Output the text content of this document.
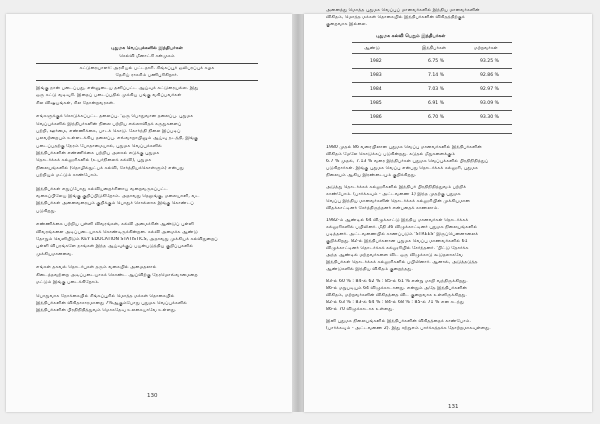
புதுமக வெப்புக்களில் இந்திபர்கள்
செல்வி மீனாட்சி சன்முகம்
கட்டுரையாளர்: அரசியல் பட்டதாரி. சிங்கப்பூர் ஒலிபரப்புக் கழக
தேசிய் ராகசிம் பணிபுரிகிறார்.
இங்கு நான் படைப்பது, என்னுடைய தனிப்பட்ட ஆய்வுக் கட்டுரையல்ல. இது
ஒரு கட்டு வடிவுரி. இதைப் படைப்பதில் முக்கிய பங்கு வகிப்பவர்கள்
சில விஷயங்கள், சில தோன்றவரகள்.
எங்களுக்குக் கொடுக்கப்பட்ட தலைப்பு. 'ஒரு பொதுவான தலைப்பு. புதுமக
வெப்புக்களில் இந்திபர்களின் நிலை பற்றிய எல்லாவிதக் கருதுகளைப்
பற்றி, ஊர்மை, எண்ணிக்கை, பாடக் கொடு. கோர்ந்தி நிலை இப்படிப்
பலவற்றைபும் உள்ளடக்கிய தலைப்பு. எவ்வாறாயினும் ஆய்வு நடத்தி, இங்கு
படைப்பதற்கு நேரம் போதாமையால், புதுமக வெப்புக்களில்
இந்திபர்களின் எண்ணிக்கை பற்றிய அலசல் எடுக்கு புதுமக
தொடர்க்கக் கல்லூரிகளில் (உயர்நிலைக் கல்வி), புதுமக
நிலையங்களில் (தொழில்நுட்பக் கல்வி, சேர்த்தியக்கொள்ளும்) என்பது
பற்றியும் மட்டும் காண்போம்.
இந்திபர்கள் எதுப்போது கல்வியறைச்சினாய வறைவருகப்பட்ட
வகைப்பிலேய இங்கு குறிப்பிடுகிறோம். அதாவது தெலுங்கு, மலையாளி, வட
இந்திபர்கள் அனைவரையும் குறிக்கும் பொதுச் சொல்லாக இங்கு கொண்டப்
படுகிறது.
எண்ணிக்கை பற்றிய புள்ளி விவரங்கள், கல்வி அமைச்சின் ஆண்டுப் புள்ளி
விவரங்களை அடிப்படையாகக் கொண்டிருக்கின்றன. கல்வி அமைச்சு ஆண்டு
தோறும் வெளியிடும் KEY EDUCATION STATISTICS, அதாவது முக்கியக் கல்விதுறைப்
புள்ளி விபரங்களே நாங்கள் இந்த ஆய்வுக்குப் பயன்படுத்திய குறிப்புகளில்
முக்கியமானவை.
எங்கள் தகவல் தொடர்புகள் தரும் வகையில் அமைதலால்
கிடைத்தவற்றை அடிப்படையாகக் கொண்ட ஆய்விற்கு நேரமொவ்வாமைறை
மட்டும் இங்கு படைக்கிறோம்.
பொதுவாக நோக்கையில் சிங்கப்பூரில் மொத்த மக்கள் தொகையில்
இந்திபர்களின் விகிதாசாரமானது 7%ஆகும்போது புதுமக வெப்புக்களில்
இந்திபர்களின் பிரதிநிதித்துவம் மொகதேவு உலகையாவே உள்ளது.
130
அனைத்து மொத்த புதுமக வெப்புப் மானவர்களில் இந்திய மானவர்களின்
விகிதம், மொத்த மக்கள் தொகையில் இந்திபர்களின் விகிதத்திற்குக்
குறைவாக இல்லை.
புதுமக கல்வி பெறும் இந்திபர்கள்
ஆண்டு	இந்திபர்கள்	மற்றவர்கள்
1982	6.75 %	93.25 %
1983	7.14 %	92.86 %
1984	7.03 %	92.97 %
1985	6.91 %	93.09 %
1986	6.70 %	93.30 %
1980 முதல் 86 வரையிலான புதுமக வெப்பு மானவர்களில் இந்திபர்களின்
விகிதம் மேலே கொடுக்கப் படுகின்றது. சுடுதல் மீதுகளைக்கும்
6.7 % முதல், 7.13 % வரை இந்திபர்கள் புதுமக வெப்புக்களில் பிரதிநிதித்துப்
படுகிறார்கள். இங்கு புதுமக வெப்பு என்பது தொடர்க்கக் கல்லூரி, புதுமக
நிலையம் ஆகிய இரண்டையும் குறிக்கிறது.
அடுத்து தொடர்க்கக் கல்லூரிகளில் இந்திபர் பிரதிநிதித்துவம் பற்றிக்
காண்போம். (பார்க்கவும் - அட்டவணை 1) இந்த முதற்கு புதுமக
வெப்பு இந்திய மானவர்களின் தொடர்க்கக் கல்லூரியின் முக்கியமான
விதக்காட்டினர் சேர்த்திருந்தனர் என்பதைக் காணலாம்.
1982-ம் ஆண்டில் 64 விழுக்காட்டு இந்திய மானவர்கள் தொடர்க்கக்
கல்லூரிகளில் பயிலினர். மீதி 36 விழுக்காட்டினர் புதுமக நிலையங்களில்
படித்தனர். அட்டவணையில் காணப்படும் 'STREES' இருப்பெனனாலைக்
குறிக்கிறது. 82-ல் இந்திபர்களான புதுமக வெப்பு மாணவர்களில் 61
விழுக்காட்டினர் தொடர்க்கக் கல்லூரியில் சேர்ந்தனர். 'பிட்டு தோர்க்க
அந்த ஆண்டில் மற்றவர்களை விட ஒரு விழுக்காடு கூடுதலாகவே
இந்திபர்கள் தொடர்க்கக் கல்லூரிகளில் பயிலினார். ஆனால், அடுத்தடுத்த
ஆண்டுகளில் இந்திய விகிதம் குறைந்தது.
83-ல் 60 % : 84-ல் 62 % : 85-ல் 61 % என்று மாறி வந்திருக்கிறது.
86-ல் மறுபடியும் 64 விழுக்காடானது. என்றும் அதே இந்திபர்களின்
விகிதம், மற்றவர்களின் விகிதத்தை விட குறைவாக உள்ளிருக்கிறது.
82-ல் 63 % : 83-ல் 64 % : 84-ல் 68 % : 85-ல் 71 % என சடந்து
86-ல் 70 விழுக்காடாக உள்ளது.
இனி புதுமக நிலையங்களில் இந்திபர்களின் விகிதத்தைக் காண்போம்.
(பார்க்கவும் - அட்டவணை 2). இது சற்றுஎம் பார்க்கத்தக்க தோற்றமாகவுள்ளது.
131
